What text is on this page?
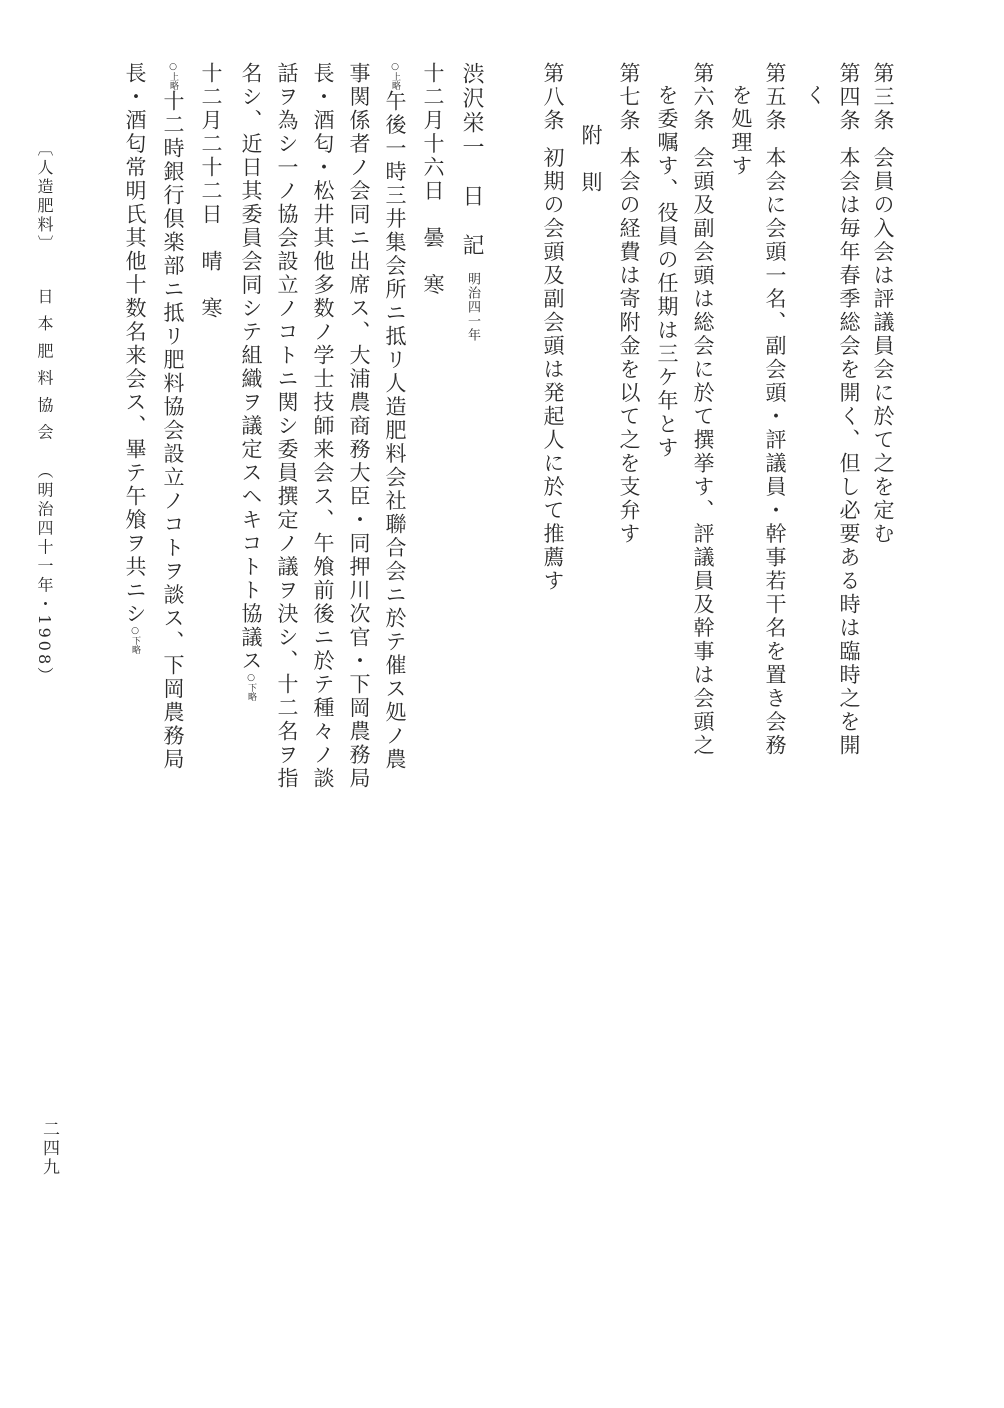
第三条会員の入会は評議員会に於て之を定む
第四条本会は毎年春季総会を開く、但し必要ある時は臨時之を開
く
第五条本会に会頭一名、副会頭・評議員・幹事若干名を置き会務
を処理す
第六条会頭及副会頭は総会に於て撰挙す、評議員及幹事は会頭之
を委嘱す、役員の任期は三ケ年とす
第七条本会の経費は寄附金を以て之を支弁す
附　則
第八条初期の会頭及副会頭は発起人に於て推薦す
渋沢栄一　日　記
明治四一年
十二月十六日　曇　寒
○上略午後一時三井集会所ニ抵リ人造肥料会社聯合会ニ於テ催ス処ノ農
事関係者ノ会同ニ出席ス、大浦農商務大臣・同押川次官・下岡農務局
長・酒匂・松井其他多数ノ学士技師来会ス、午飧前後ニ於テ種々ノ談
話ヲ為シ一ノ協会設立ノコトニ関シ委員撰定ノ議ヲ決シ、十二名ヲ指
名シ、近日其委員会同シテ組織ヲ議定スヘキコトト協議ス○下略
十二月二十二日　晴　寒
○上略十二時銀行倶楽部ニ抵リ肥料協会設立ノコトヲ談ス、下岡農務局
長・酒匂常明氏其他十数名来会ス、畢テ午飧ヲ共ニシ○下略
〔人造肥料〕日 本 肥 料 協 会（明治四十一年・1908）
二四九
